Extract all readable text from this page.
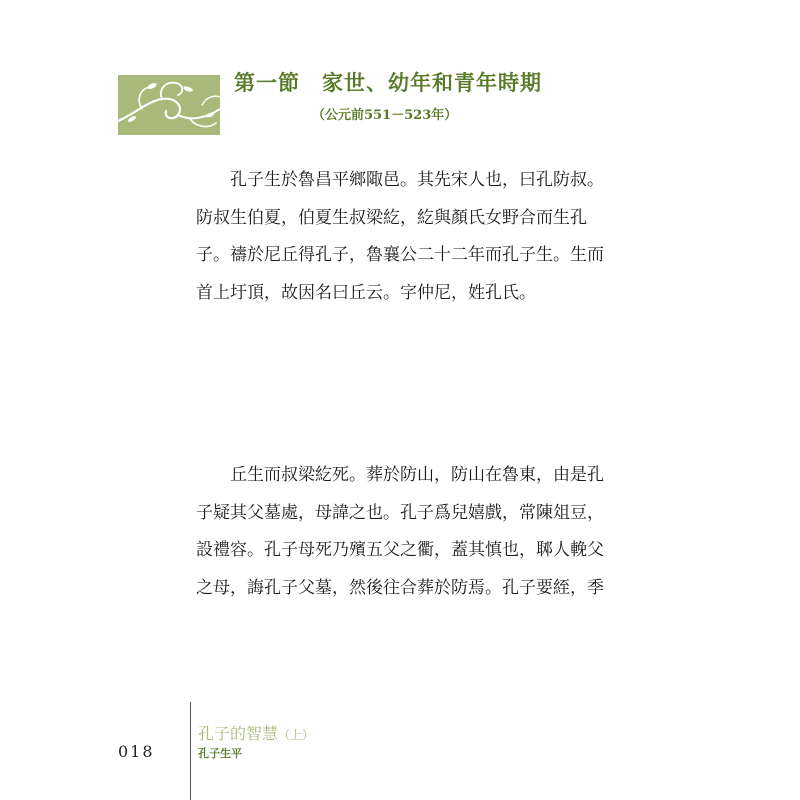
第一節 家世、幼年和青年時期
（公元前551－523年）
孔子生於魯昌平鄉陬邑。其先宋人也，曰孔防叔。
防叔生伯夏，伯夏生叔梁紇，紇與顏氏女野合而生孔
子。禱於尼丘得孔子，魯襄公二十二年而孔子生。生而
首上圩頂，故因名曰丘云。字仲尼，姓孔氏。
丘生而叔梁紇死。葬於防山，防山在魯東，由是孔
子疑其父墓處，母諱之也。孔子爲兒嬉戲，常陳俎豆，
設禮容。孔子母死乃殯五父之衢，蓋其慎也，郰人輓父
之母，誨孔子父墓，然後往合葬於防焉。孔子要絰，季
018
孔子的智慧（上）
孔子生平
